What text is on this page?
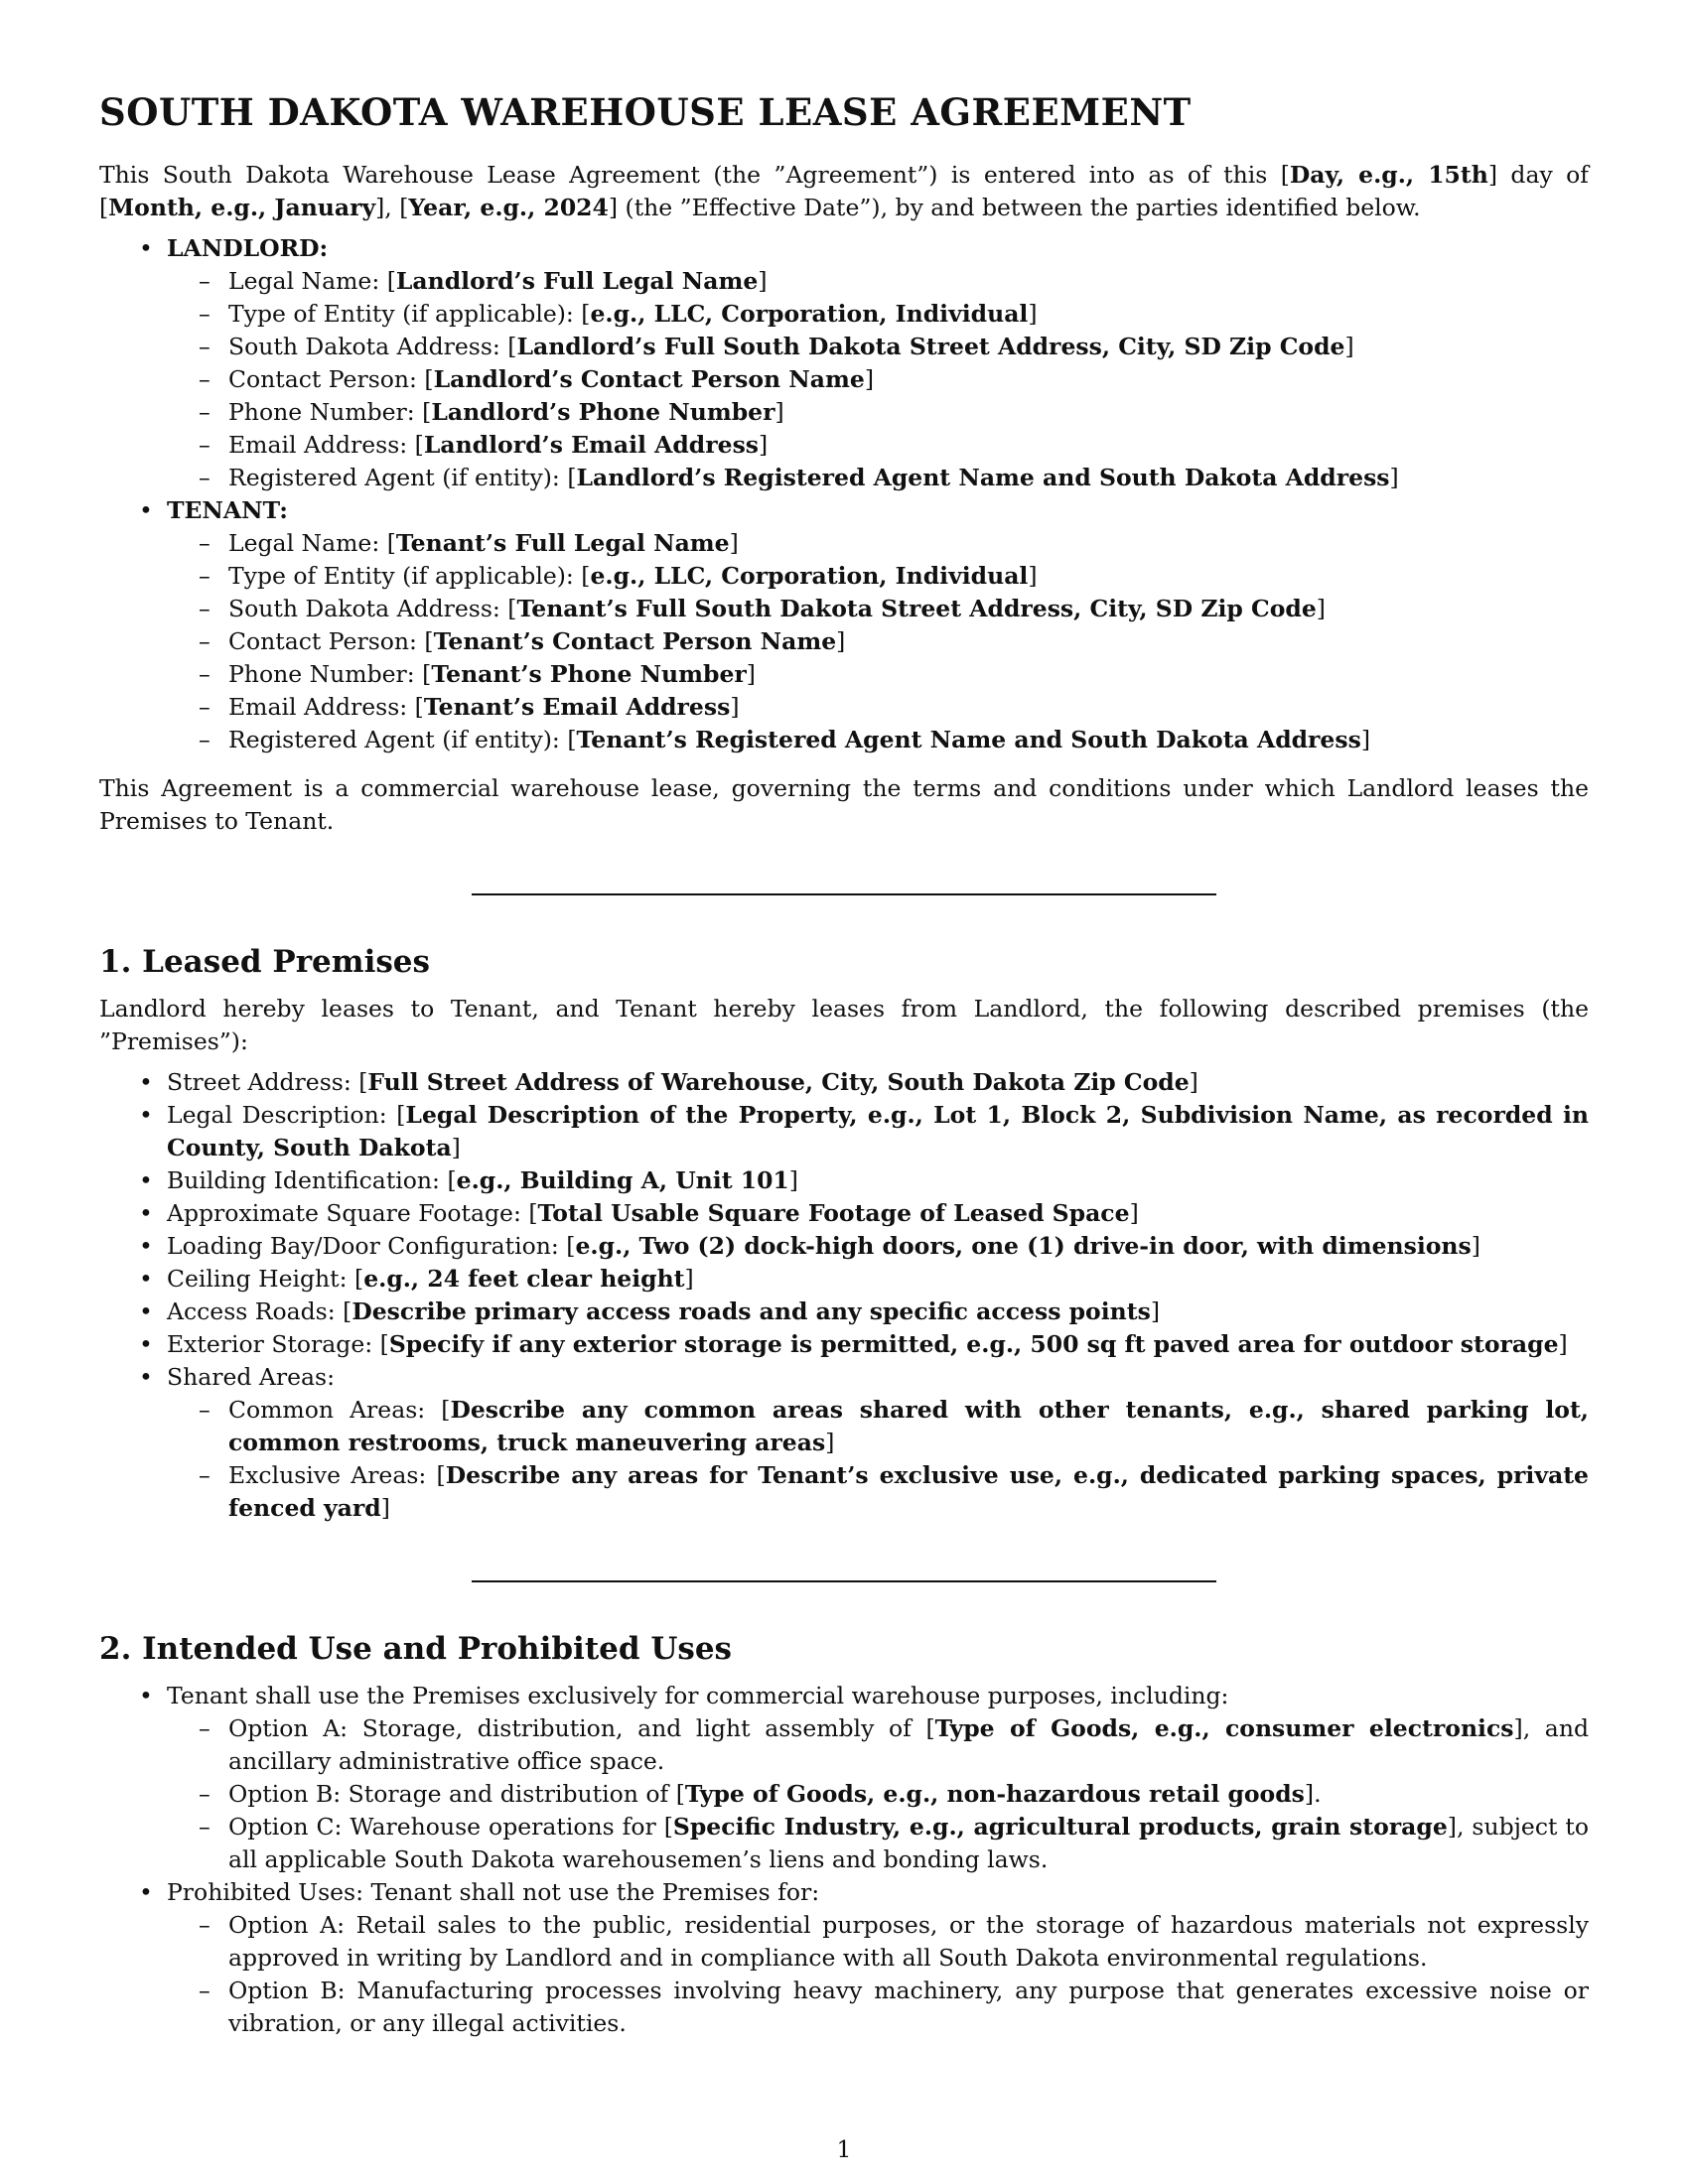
SOUTH DAKOTA WAREHOUSE LEASE AGREEMENT

This South Dakota Warehouse Lease Agreement (the ”Agreement”) is entered into as of this [Day, e.g., 15th] day of [Month, e.g., January], [Year, e.g., 2024] (the ”Effective Date”), by and between the parties identified below.

• LANDLORD:
– Legal Name: [Landlord’s Full Legal Name]
– Type of Entity (if applicable): [e.g., LLC, Corporation, Individual]
– South Dakota Address: [Landlord’s Full South Dakota Street Address, City, SD Zip Code]
– Contact Person: [Landlord’s Contact Person Name]
– Phone Number: [Landlord’s Phone Number]
– Email Address: [Landlord’s Email Address]
– Registered Agent (if entity): [Landlord’s Registered Agent Name and South Dakota Address]
• TENANT:
– Legal Name: [Tenant’s Full Legal Name]
– Type of Entity (if applicable): [e.g., LLC, Corporation, Individual]
– South Dakota Address: [Tenant’s Full South Dakota Street Address, City, SD Zip Code]
– Contact Person: [Tenant’s Contact Person Name]
– Phone Number: [Tenant’s Phone Number]
– Email Address: [Tenant’s Email Address]
– Registered Agent (if entity): [Tenant’s Registered Agent Name and South Dakota Address]

This Agreement is a commercial warehouse lease, governing the terms and conditions under which Landlord leases the Premises to Tenant.

1. Leased Premises

Landlord hereby leases to Tenant, and Tenant hereby leases from Landlord, the following described premises (the ”Premises”):

• Street Address: [Full Street Address of Warehouse, City, South Dakota Zip Code]
• Legal Description: [Legal Description of the Property, e.g., Lot 1, Block 2, Subdivision Name, as recorded in County, South Dakota]
• Building Identification: [e.g., Building A, Unit 101]
• Approximate Square Footage: [Total Usable Square Footage of Leased Space]
• Loading Bay/Door Configuration: [e.g., Two (2) dock-high doors, one (1) drive-in door, with dimensions]
• Ceiling Height: [e.g., 24 feet clear height]
• Access Roads: [Describe primary access roads and any specific access points]
• Exterior Storage: [Specify if any exterior storage is permitted, e.g., 500 sq ft paved area for outdoor storage]
• Shared Areas:
– Common Areas: [Describe any common areas shared with other tenants, e.g., shared parking lot, common restrooms, truck maneuvering areas]
– Exclusive Areas: [Describe any areas for Tenant’s exclusive use, e.g., dedicated parking spaces, private fenced yard]
2. Intended Use and Prohibited Uses
• Tenant shall use the Premises exclusively for commercial warehouse purposes, including:
– Option A: Storage, distribution, and light assembly of [Type of Goods, e.g., consumer electronics], and ancillary administrative office space.
– Option B: Storage and distribution of [Type of Goods, e.g., non-hazardous retail goods].
– Option C: Warehouse operations for [Specific Industry, e.g., agricultural products, grain storage], subject to all applicable South Dakota warehousemen’s liens and bonding laws.
• Prohibited Uses: Tenant shall not use the Premises for:
– Option A: Retail sales to the public, residential purposes, or the storage of hazardous materials not expressly approved in writing by Landlord and in compliance with all South Dakota environmental regulations.
– Option B: Manufacturing processes involving heavy machinery, any purpose that generates excessive noise or vibration, or any illegal activities.
1
